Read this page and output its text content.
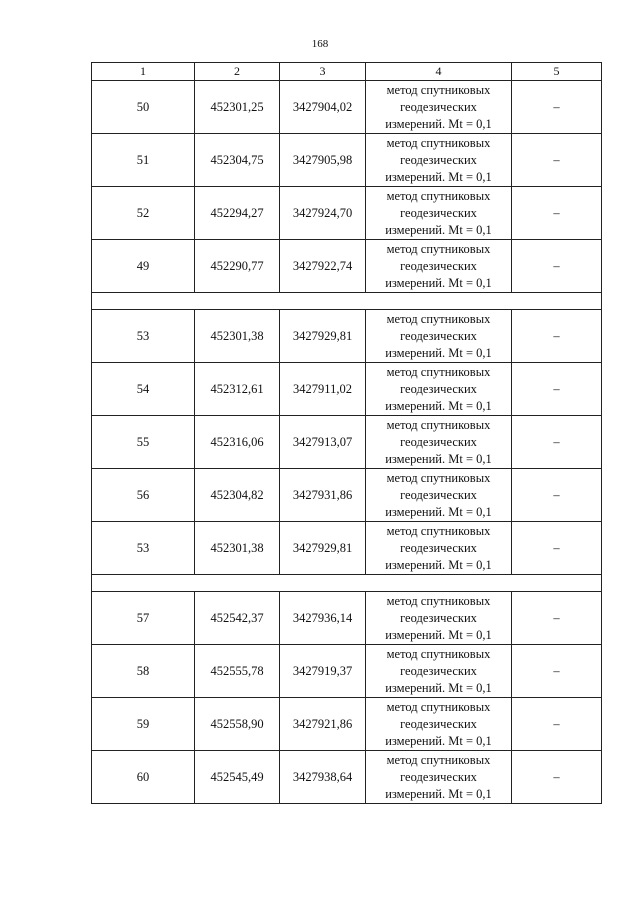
168
1	2	3	4	5
50	452301,25	3427904,02	метод спутниковых
геодезических
измерений. Mt = 0,1	–
51	452304,75	3427905,98	метод спутниковых
геодезических
измерений. Mt = 0,1	–
52	452294,27	3427924,70	метод спутниковых
геодезических
измерений. Mt = 0,1	–
49	452290,77	3427922,74	метод спутниковых
геодезических
измерений. Mt = 0,1	–

53	452301,38	3427929,81	метод спутниковых
геодезических
измерений. Mt = 0,1	–
54	452312,61	3427911,02	метод спутниковых
геодезических
измерений. Mt = 0,1	–
55	452316,06	3427913,07	метод спутниковых
геодезических
измерений. Mt = 0,1	–
56	452304,82	3427931,86	метод спутниковых
геодезических
измерений. Mt = 0,1	–
53	452301,38	3427929,81	метод спутниковых
геодезических
измерений. Mt = 0,1	–

57	452542,37	3427936,14	метод спутниковых
геодезических
измерений. Mt = 0,1	–
58	452555,78	3427919,37	метод спутниковых
геодезических
измерений. Mt = 0,1	–
59	452558,90	3427921,86	метод спутниковых
геодезических
измерений. Mt = 0,1	–
60	452545,49	3427938,64	метод спутниковых
геодезических
измерений. Mt = 0,1	–
